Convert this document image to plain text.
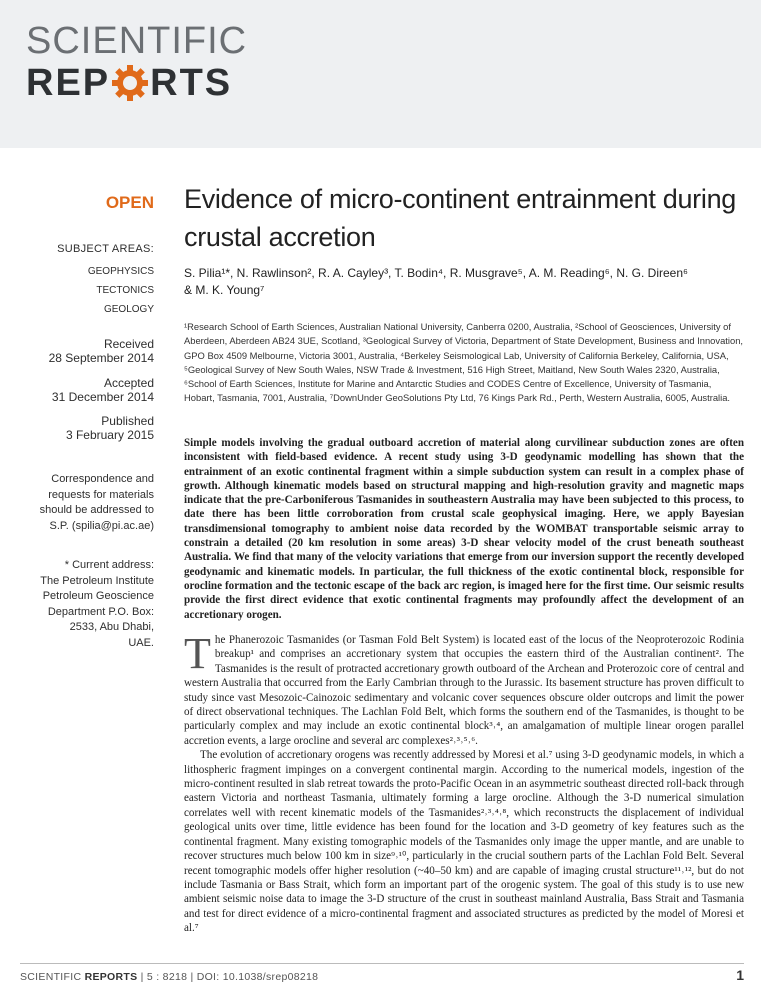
SCIENTIFIC
REP RTS
OPEN
SUBJECT AREAS:
GEOPHYSICS
TECTONICS
GEOLOGY
Received
28 September 2014
Accepted
31 December 2014
Published
3 February 2015
Correspondence and
requests for materials
should be addressed to
S.P. (spilia@pi.ac.ae)
* Current address:
The Petroleum Institute
Petroleum Geoscience
Department P.O. Box:
2533, Abu Dhabi,
UAE.
Evidence of micro-continent entrainment during crustal accretion
S. Pilia¹*, N. Rawlinson², R. A. Cayley³, T. Bodin⁴, R. Musgrave⁵, A. M. Reading⁶, N. G. Direen⁶
& M. K. Young⁷
¹Research School of Earth Sciences, Australian National University, Canberra 0200, Australia, ²School of Geosciences, University of Aberdeen, Aberdeen AB24 3UE, Scotland, ³Geological Survey of Victoria, Department of State Development, Business and Innovation, GPO Box 4509 Melbourne, Victoria 3001, Australia, ⁴Berkeley Seismological Lab, University of California Berkeley, California, USA, ⁵Geological Survey of New South Wales, NSW Trade & Investment, 516 High Street, Maitland, New South Wales 2320, Australia, ⁶School of Earth Sciences, Institute for Marine and Antarctic Studies and CODES Centre of Excellence, University of Tasmania, Hobart, Tasmania, 7001, Australia, ⁷DownUnder GeoSolutions Pty Ltd, 76 Kings Park Rd., Perth, Western Australia, 6005, Australia.
Simple models involving the gradual outboard accretion of material along curvilinear subduction zones are often inconsistent with field-based evidence. A recent study using 3-D geodynamic modelling has shown that the entrainment of an exotic continental fragment within a simple subduction system can result in a complex phase of growth. Although kinematic models based on structural mapping and high-resolution gravity and magnetic maps indicate that the pre-Carboniferous Tasmanides in southeastern Australia may have been subjected to this process, to date there has been little corroboration from crustal scale geophysical imaging. Here, we apply Bayesian transdimensional tomography to ambient noise data recorded by the WOMBAT transportable seismic array to constrain a detailed (20 km resolution in some areas) 3-D shear velocity model of the crust beneath southeast Australia. We find that many of the velocity variations that emerge from our inversion support the recently developed geodynamic and kinematic models. In particular, the full thickness of the exotic continental block, responsible for orocline formation and the tectonic escape of the back arc region, is imaged here for the first time. Our seismic results provide the first direct evidence that exotic continental fragments may profoundly affect the development of an accretionary orogen.
T he Phanerozoic Tasmanides (or Tasman Fold Belt System) is located east of the locus of the Neoproterozoic Rodinia breakup¹ and comprises an accretionary system that occupies the eastern third of the Australian continent². The Tasmanides is the result of protracted accretionary growth outboard of the Archean and Proterozoic core of central and western Australia that occurred from the Early Cambrian through to the Jurassic. Its basement structure has proven difficult to study since vast Mesozoic-Cainozoic sedimentary and volcanic cover sequences obscure older outcrops and limit the power of direct observational techniques. The Lachlan Fold Belt, which forms the southern end of the Tasmanides, is thought to be particularly complex and may include an exotic continental block³˒⁴, an amalgamation of multiple linear orogen parallel accretion events, a large orocline and several arc complexes²˒³˒⁵˒⁶.

The evolution of accretionary orogens was recently addressed by Moresi et al.⁷ using 3-D geodynamic models, in which a lithospheric fragment impinges on a convergent continental margin. According to the numerical models, ingestion of the micro-continent resulted in slab retreat towards the proto-Pacific Ocean in an asymmetric southeast directed roll-back through eastern Victoria and northeast Tasmania, ultimately forming a large orocline. Although the 3-D numerical simulation correlates well with recent kinematic models of the Tasmanides²˒³˒⁴˒⁸, which reconstructs the displacement of individual geological units over time, little evidence has been found for the location and 3-D geometry of key features such as the continental fragment. Many existing tomographic models of the Tasmanides only image the upper mantle, and are unable to recover structures much below 100 km in size⁹˒¹⁰, particularly in the crucial southern parts of the Lachlan Fold Belt. Several recent tomographic models offer higher resolution (~40–50 km) and are capable of imaging crustal structure¹¹˒¹², but do not include Tasmania or Bass Strait, which form an important part of the orogenic system. The goal of this study is to use new ambient seismic noise data to image the 3-D structure of the crust in southeast mainland Australia, Bass Strait and Tasmania and test for direct evidence of a micro-continental fragment and associated structures as predicted by the model of Moresi et al.⁷

SCIENTIFIC REPORTS | 5 : 8218 | DOI: 10.1038/srep08218	1
